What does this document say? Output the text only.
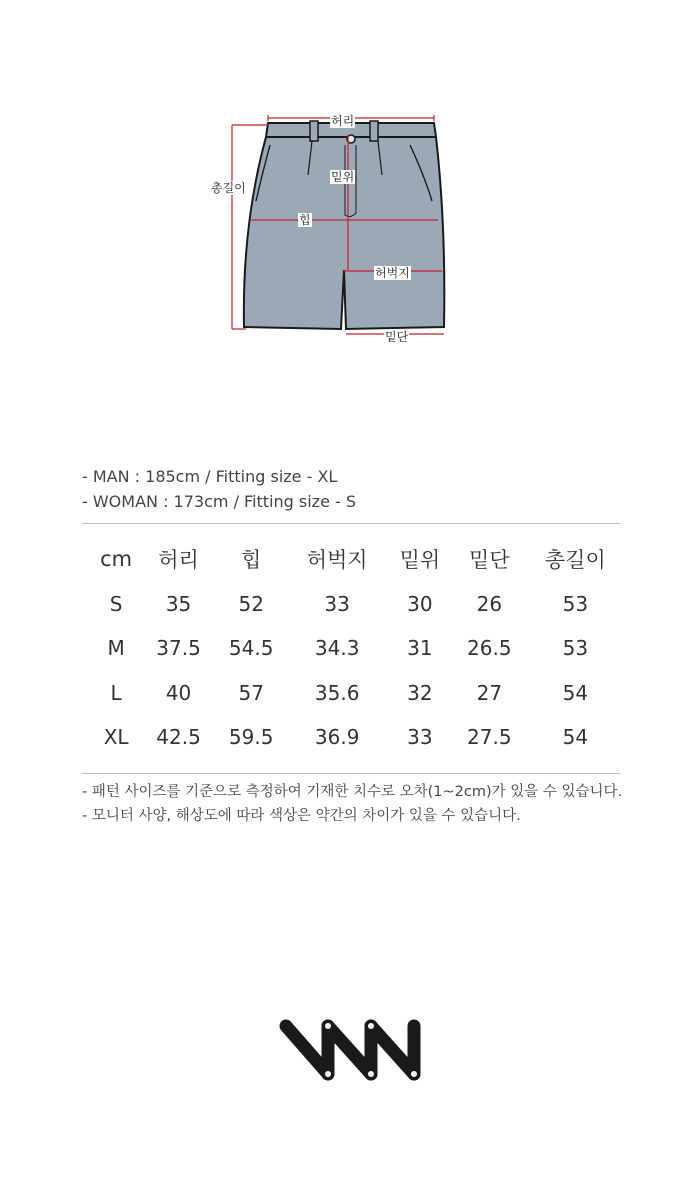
허리
밑위
총길이
힙
허벅지
밑단
- MAN : 185cm / Fitting size - XL
- WOMAN : 173cm / Fitting size - S
cm	허리	힙	허벅지	밑위	밑단	총길이
S	35	52	33	30	26	53
M	37.5	54.5	34.3	31	26.5	53
L	40	57	35.6	32	27	54
XL	42.5	59.5	36.9	33	27.5	54
- 패턴 사이즈를 기준으로 측정하여 기재한 치수로 오차(1~2cm)가 있을 수 있습니다.
- 모니터 사양, 해상도에 따라 색상은 약간의 차이가 있을 수 있습니다.
